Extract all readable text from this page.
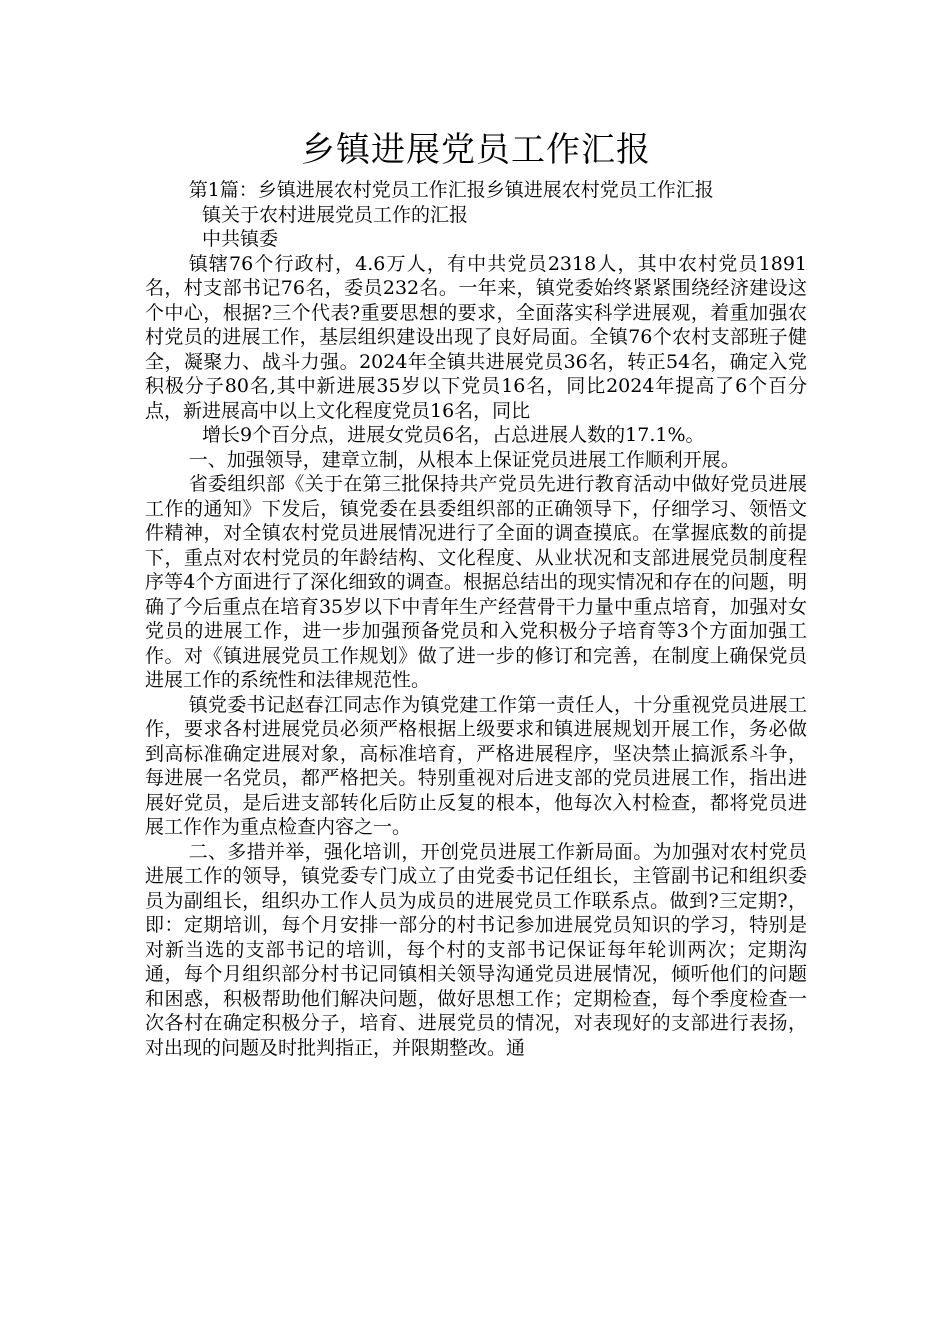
乡镇进展党员工作汇报

第1篇：乡镇进展农村党员工作汇报乡镇进展农村党员工作汇报

镇关于农村进展党员工作的汇报

中共镇委

镇辖76个行政村，4.6万人，有中共党员2318人，其中农村党员1891名，村支部书记76名，委员232名。一年来，镇党委始终紧紧围绕经济建设这个中心，根据?三个代表?重要思想的要求，全面落实科学进展观，着重加强农村党员的进展工作，基层组织建设出现了良好局面。全镇76个农村支部班子健全，凝聚力、战斗力强。2024年全镇共进展党员36名，转正54名，确定入党积极分子80名,其中新进展35岁以下党员16名，同比2024年提高了6个百分点，新进展高中以上文化程度党员16名，同比

增长9个百分点，进展女党员6名，占总进展人数的17.1%。

一、加强领导，建章立制，从根本上保证党员进展工作顺利开展。

省委组织部《关于在第三批保持共产党员先进行教育活动中做好党员进展工作的通知》下发后，镇党委在县委组织部的正确领导下，仔细学习、领悟文件精神，对全镇农村党员进展情况进行了全面的调查摸底。在掌握底数的前提下，重点对农村党员的年龄结构、文化程度、从业状况和支部进展党员制度程序等4个方面进行了深化细致的调查。根据总结出的现实情况和存在的问题，明确了今后重点在培育35岁以下中青年生产经营骨干力量中重点培育，加强对女党员的进展工作，进一步加强预备党员和入党积极分子培育等3个方面加强工作。对《镇进展党员工作规划》做了进一步的修订和完善，在制度上确保党员进展工作的系统性和法律规范性。

镇党委书记赵春江同志作为镇党建工作第一责任人，十分重视党员进展工作，要求各村进展党员必须严格根据上级要求和镇进展规划开展工作，务必做到高标准确定进展对象，高标准培育，严格进展程序，坚决禁止搞派系斗争，每进展一名党员，都严格把关。特别重视对后进支部的党员进展工作，指出进展好党员，是后进支部转化后防止反复的根本，他每次入村检查，都将党员进展工作作为重点检查内容之一。

二、多措并举，强化培训，开创党员进展工作新局面。为加强对农村党员进展工作的领导，镇党委专门成立了由党委书记任组长，主管副书记和组织委员为副组长，组织办工作人员为成员的进展党员工作联系点。做到?三定期?，即：定期培训，每个月安排一部分的村书记参加进展党员知识的学习，特别是对新当选的支部书记的培训，每个村的支部书记保证每年轮训两次；定期沟通，每个月组织部分村书记同镇相关领导沟通党员进展情况，倾听他们的问题和困惑，积极帮助他们解决问题，做好思想工作；定期检查，每个季度检查一次各村在确定积极分子，培育、进展党员的情况，对表现好的支部进行表扬，对出现的问题及时批判指正，并限期整改。通
